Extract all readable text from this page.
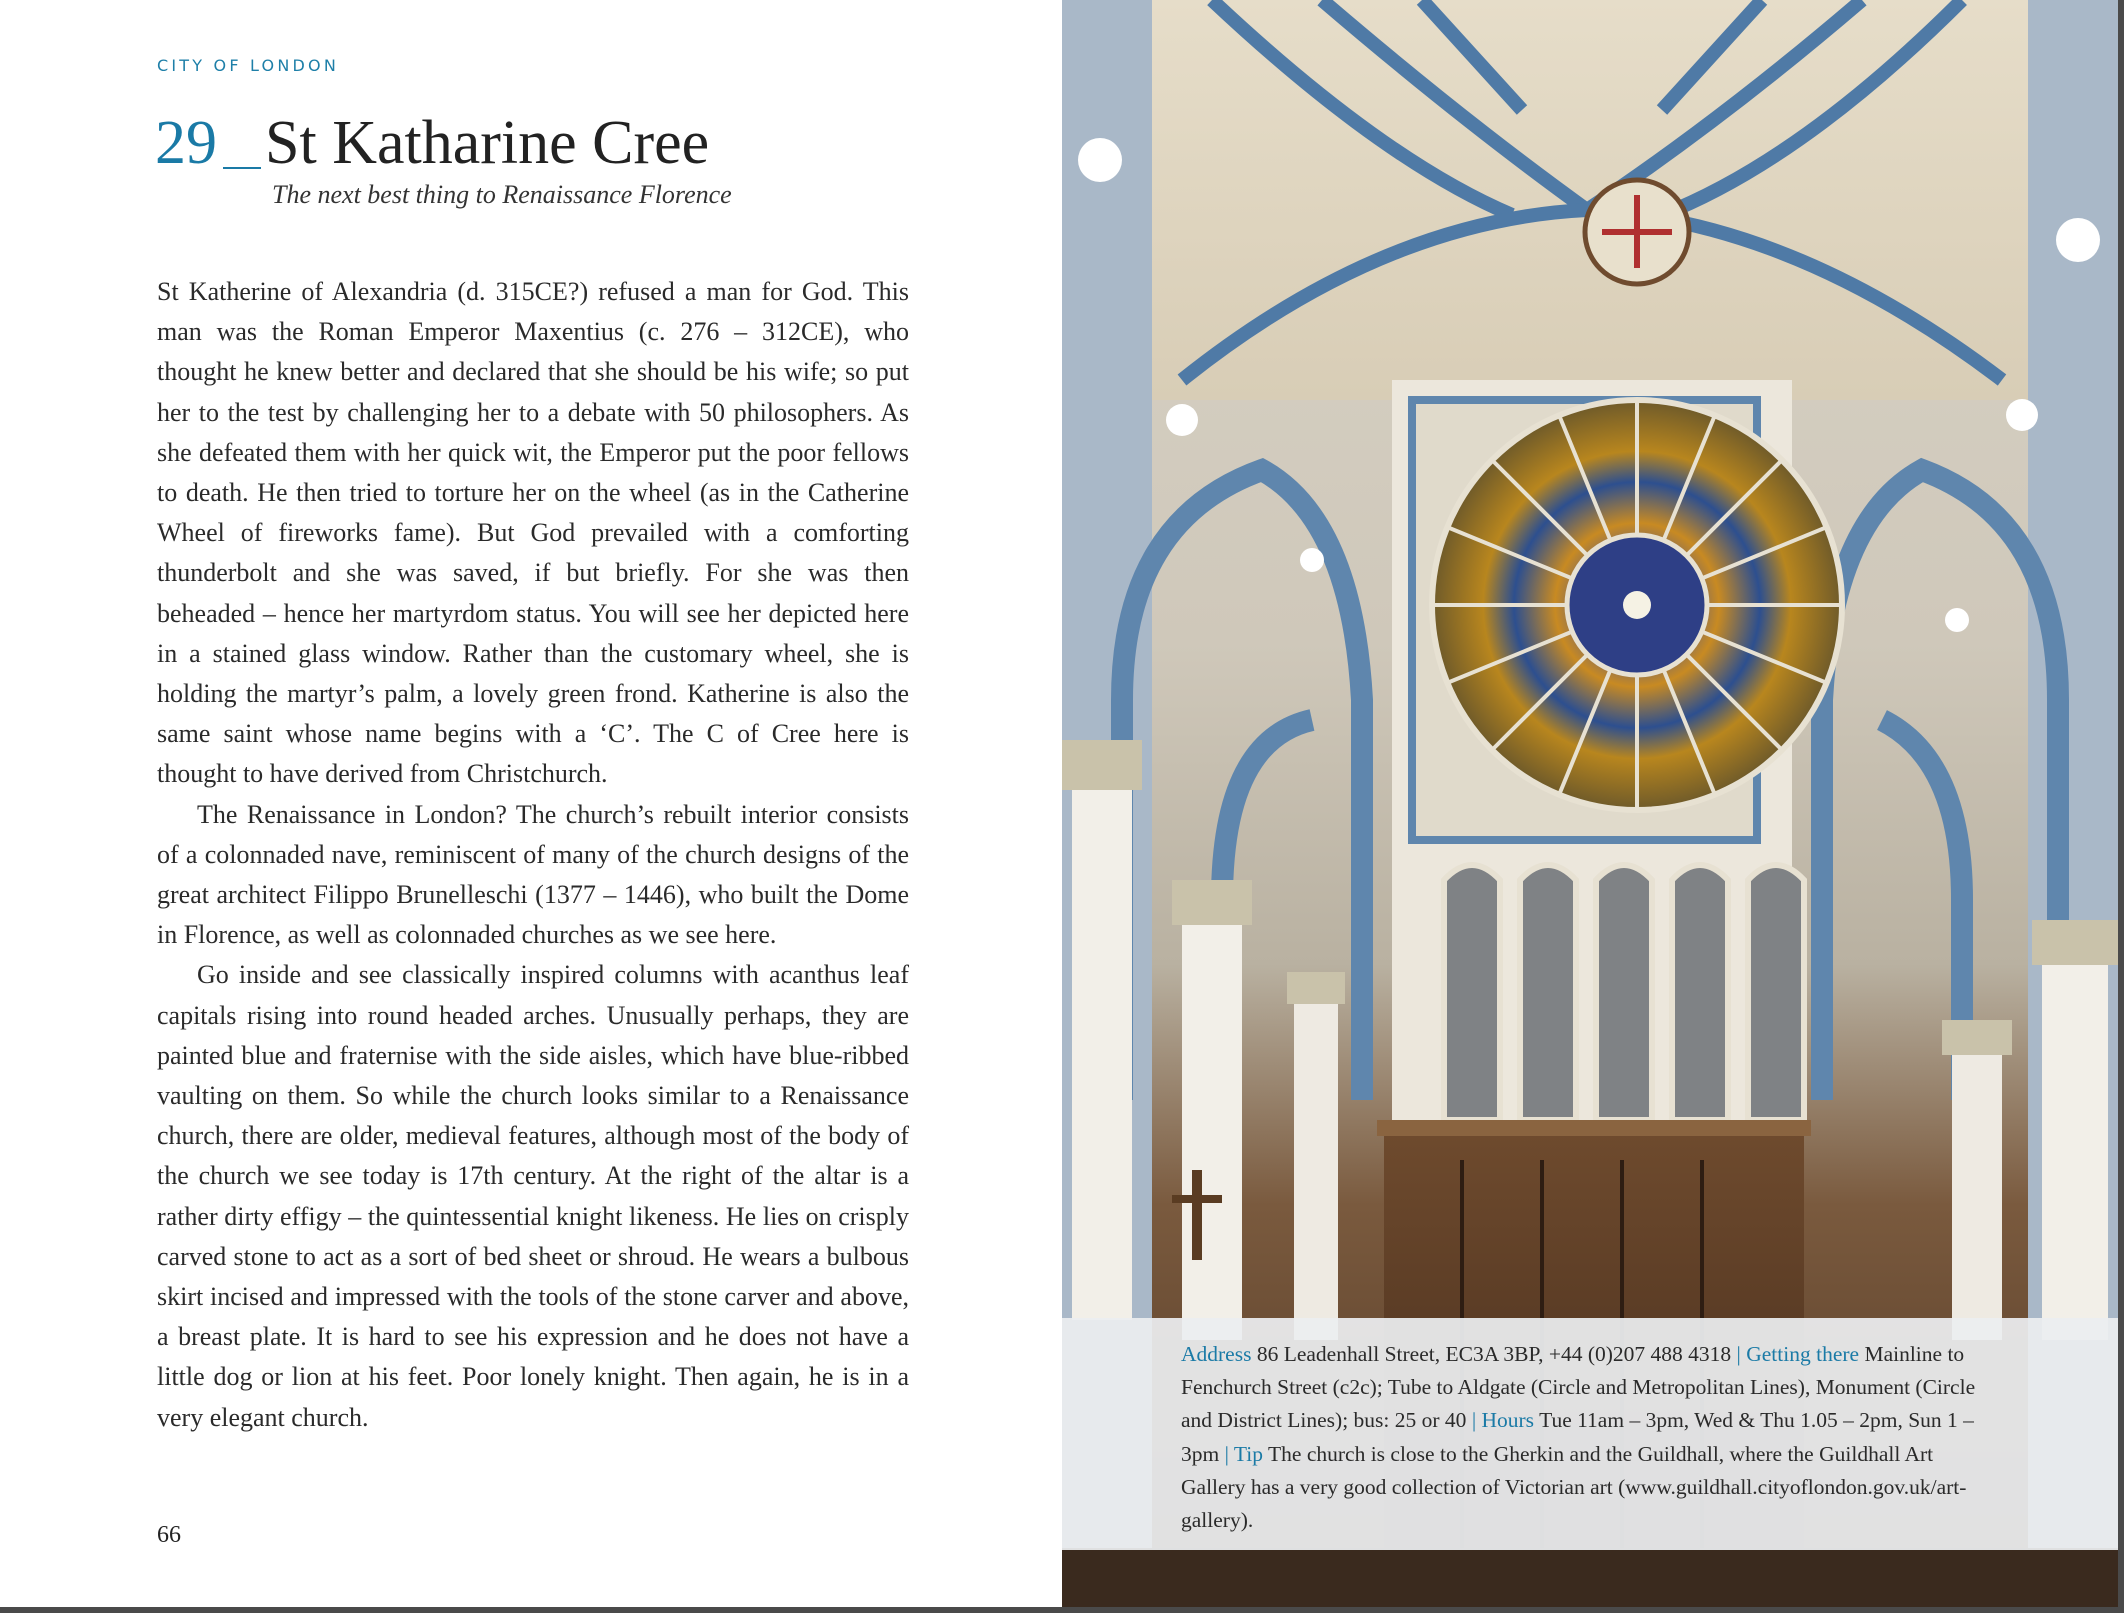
CITY OF LONDON
29 St Katharine Cree
The next best thing to Renaissance Florence

St Katherine of Alexandria (d. 315CE?) refused a man for God. This man was the Roman Emperor Maxentius (c. 276 – 312CE), who thought he knew better and declared that she should be his wife; so put her to the test by challenging her to a debate with 50 philosophers. As she defeated them with her quick wit, the Emperor put the poor fellows to death. He then tried to torture her on the wheel (as in the Catherine Wheel of fireworks fame). But God prevailed with a comforting thunderbolt and she was saved, if but briefly. For she was then beheaded – hence her martyrdom status. You will see her depicted here in a stained glass window. Rather than the customary wheel, she is holding the martyr’s palm, a lovely green frond. Katherine is also the same saint whose name begins with a ‘C’. The C of Cree here is thought to have derived from Christchurch.

The Renaissance in London? The church’s rebuilt interior consists of a colonnaded nave, reminiscent of many of the church designs of the great architect Filippo Brunelleschi (1377 – 1446), who built the Dome in Florence, as well as colonnaded churches as we see here.

Go inside and see classically inspired columns with acanthus leaf capitals rising into round headed arches. Unusually perhaps, they are painted blue and fraternise with the side aisles, which have blue-ribbed vaulting on them. So while the church looks similar to a Renaissance church, there are older, medieval features, although most of the body of the church we see today is 17th century. At the right of the altar is a rather dirty effigy – the quintessential knight likeness. He lies on crisply carved stone to act as a sort of bed sheet or shroud. He wears a bulbous skirt incised and impressed with the tools of the stone carver and above, a breast plate. It is hard to see his expression and he does not have a little dog or lion at his feet. Poor lonely knight. Then again, he is in a very elegant church.

66
Address 86 Leadenhall Street, EC3A 3BP, +44 (0)207 488 4318 | Getting there Mainline to Fenchurch Street (c2c); Tube to Aldgate (Circle and Metropolitan Lines), Monument (Circle and District Lines); bus: 25 or 40 | Hours Tue 11am – 3pm, Wed & Thu 1.05 – 2pm, Sun 1 – 3pm | Tip The church is close to the Gherkin and the Guildhall, where the Guildhall Art Gallery has a very good collection of Victorian art (www.guildhall.cityoflondon.gov.uk/art-gallery).
